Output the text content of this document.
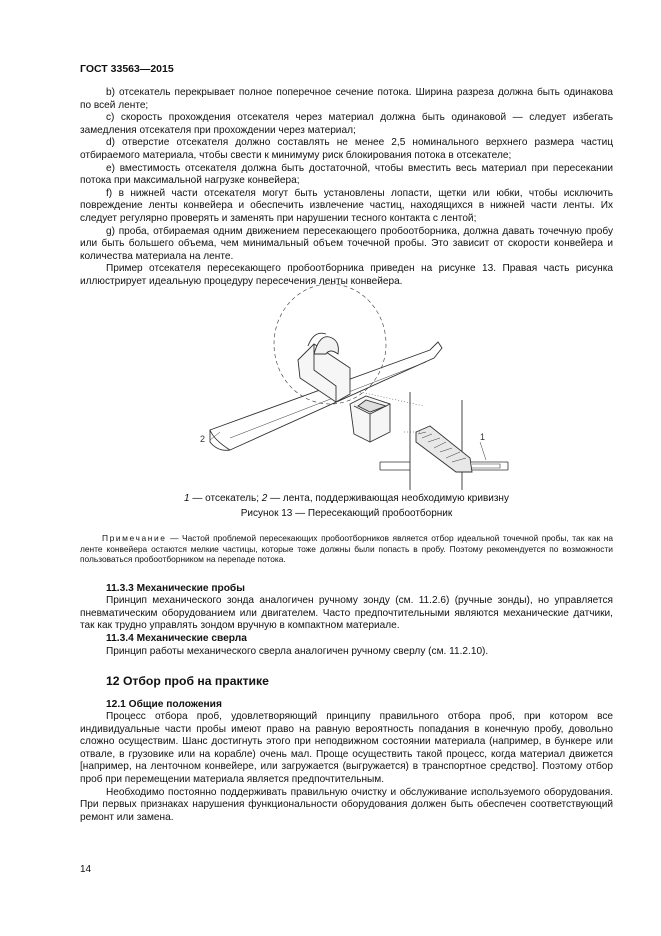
ГОСТ 33563—2015

b) отсекатель перекрывает полное поперечное сечение потока. Ширина разреза должна быть одинакова по всей ленте;

c) скорость прохождения отсекателя через материал должна быть одинаковой — следует избегать замедления отсекателя при прохождении через материал;

d) отверстие отсекателя должно составлять не менее 2,5 номинального верхнего размера частиц отбираемого материала, чтобы свести к минимуму риск блокирования потока в отсекателе;

e) вместимость отсекателя должна быть достаточной, чтобы вместить весь материал при пересекании потока при максимальной нагрузке конвейера;

f) в нижней части отсекателя могут быть установлены лопасти, щетки или юбки, чтобы исключить повреждение ленты конвейера и обеспечить извлечение частиц, находящихся в нижней части ленты. Их следует регулярно проверять и заменять при нарушении тесного контакта с лентой;

g) проба, отбираемая одним движением пересекающего пробоотборника, должна давать точечную пробу или быть большего объема, чем минимальный объем точечной пробы. Это зависит от скорости конвейера и количества материала на ленте.

Пример отсекателя пересекающего пробоотборника приведен на рисунке 13. Правая часть рисунка иллюстрирует идеальную процедуру пересечения ленты конвейера.

2	1
1 — отсекатель; 2 — лента, поддерживающая необходимую кривизну
Рисунок 13 — Пересекающий пробоотборник
Примечание — Частой проблемой пересекающих пробоотборников является отбор идеальной точечной пробы, так как на ленте конвейера остаются мелкие частицы, которые тоже должны были попасть в пробу. Поэтому рекомендуется по возможности пользоваться пробоотборником на перепаде потока.
11.3.3 Механические пробы

Принцип механического зонда аналогичен ручному зонду (см. 11.2.6) (ручные зонды), но управляется пневматическим оборудованием или двигателем. Часто предпочтительными являются механические датчики, так как трудно управлять зондом вручную в компактном материале.

11.3.4 Механические сверла

Принцип работы механического сверла аналогичен ручному сверлу (см. 11.2.10).

12 Отбор проб на практике
12.1 Общие положения

Процесс отбора проб, удовлетворяющий принципу правильного отбора проб, при котором все индивидуальные части пробы имеют право на равную вероятность попадания в конечную пробу, довольно сложно осуществим. Шанс достигнуть этого при неподвижном состоянии материала (например, в бункере или отвале, в грузовике или на корабле) очень мал. Проще осуществить такой процесс, когда материал движется [например, на ленточном конвейере, или загружается (выгружается) в транспортное средство]. Поэтому отбор проб при перемещении материала является предпочтительным.

Необходимо постоянно поддерживать правильную очистку и обслуживание используемого оборудования. При первых признаках нарушения функциональности оборудования должен быть обеспечен соответствующий ремонт или замена.

14
